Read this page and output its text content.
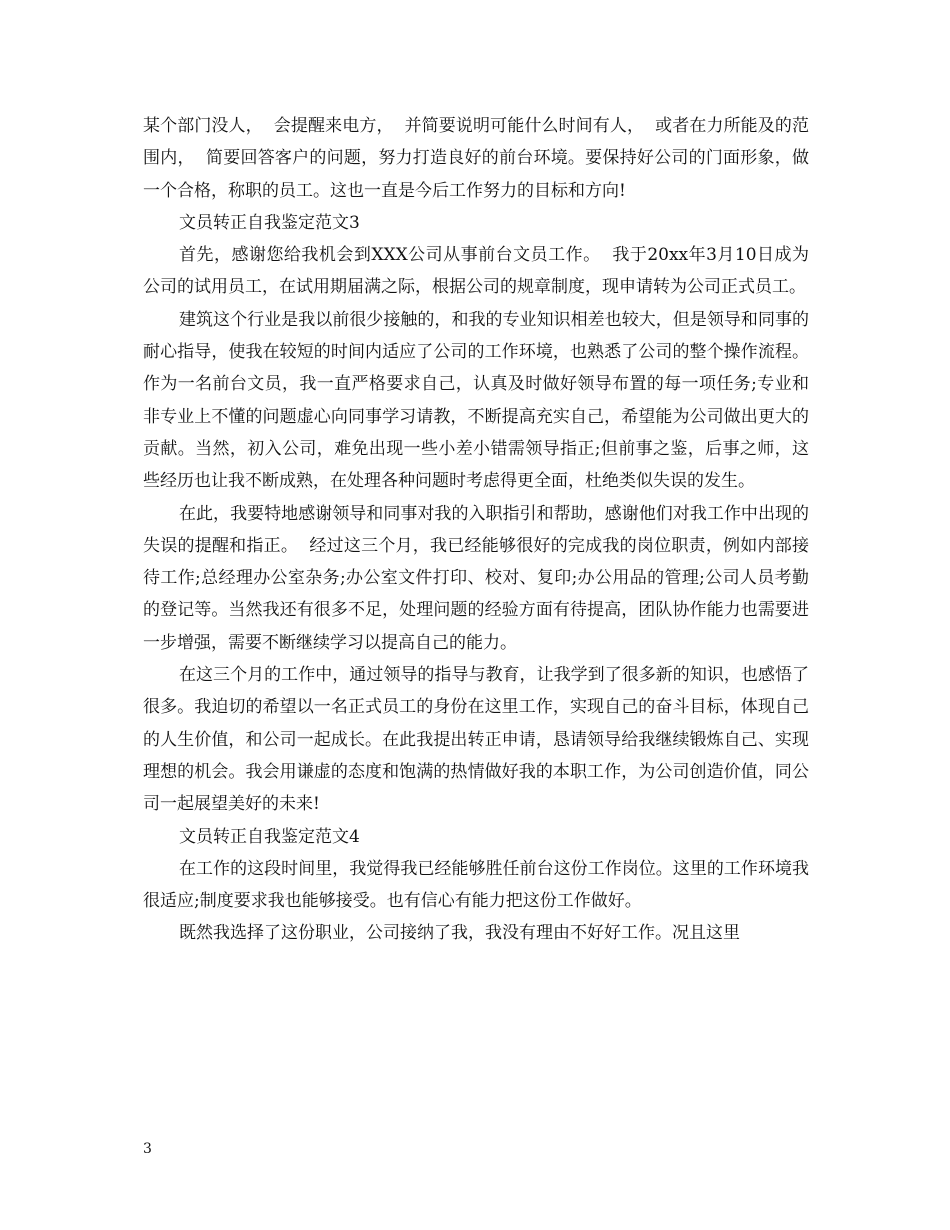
某个部门没人，  会提醒来电方，  并简要说明可能什么时间有人，  或者在力所能及的范围内，  简要回答客户的问题，努力打造良好的前台环境。要保持好公司的门面形象，做一个合格，称职的员工。这也一直是今后工作努力的目标和方向!

文员转正自我鉴定范文3

首先，感谢您给我机会到XXX公司从事前台文员工作。  我于20xx年3月10日成为公司的试用员工，在试用期届满之际，根据公司的规章制度，现申请转为公司正式员工。

建筑这个行业是我以前很少接触的，和我的专业知识相差也较大，但是领导和同事的耐心指导，使我在较短的时间内适应了公司的工作环境，也熟悉了公司的整个操作流程。作为一名前台文员，我一直严格要求自己，认真及时做好领导布置的每一项任务;专业和非专业上不懂的问题虚心向同事学习请教，不断提高充实自己，希望能为公司做出更大的贡献。当然，初入公司，难免出现一些小差小错需领导指正;但前事之鉴，后事之师，这些经历也让我不断成熟，在处理各种问题时考虑得更全面，杜绝类似失误的发生。

在此，我要特地感谢领导和同事对我的入职指引和帮助，感谢他们对我工作中出现的失误的提醒和指正。  经过这三个月，我已经能够很好的完成我的岗位职责，例如内部接待工作;总经理办公室杂务;办公室文件打印、校对、复印;办公用品的管理;公司人员考勤的登记等。当然我还有很多不足，处理问题的经验方面有待提高，团队协作能力也需要进一步增强，需要不断继续学习以提高自己的能力。

在这三个月的工作中，通过领导的指导与教育，让我学到了很多新的知识，也感悟了很多。我迫切的希望以一名正式员工的身份在这里工作，实现自己的奋斗目标，体现自己的人生价值，和公司一起成长。在此我提出转正申请，恳请领导给我继续锻炼自己、实现理想的机会。我会用谦虚的态度和饱满的热情做好我的本职工作，为公司创造价值，同公司一起展望美好的未来!

文员转正自我鉴定范文4

在工作的这段时间里，我觉得我已经能够胜任前台这份工作岗位。这里的工作环境我很适应;制度要求我也能够接受。也有信心有能力把这份工作做好。

既然我选择了这份职业，公司接纳了我，我没有理由不好好工作。况且这里

3
